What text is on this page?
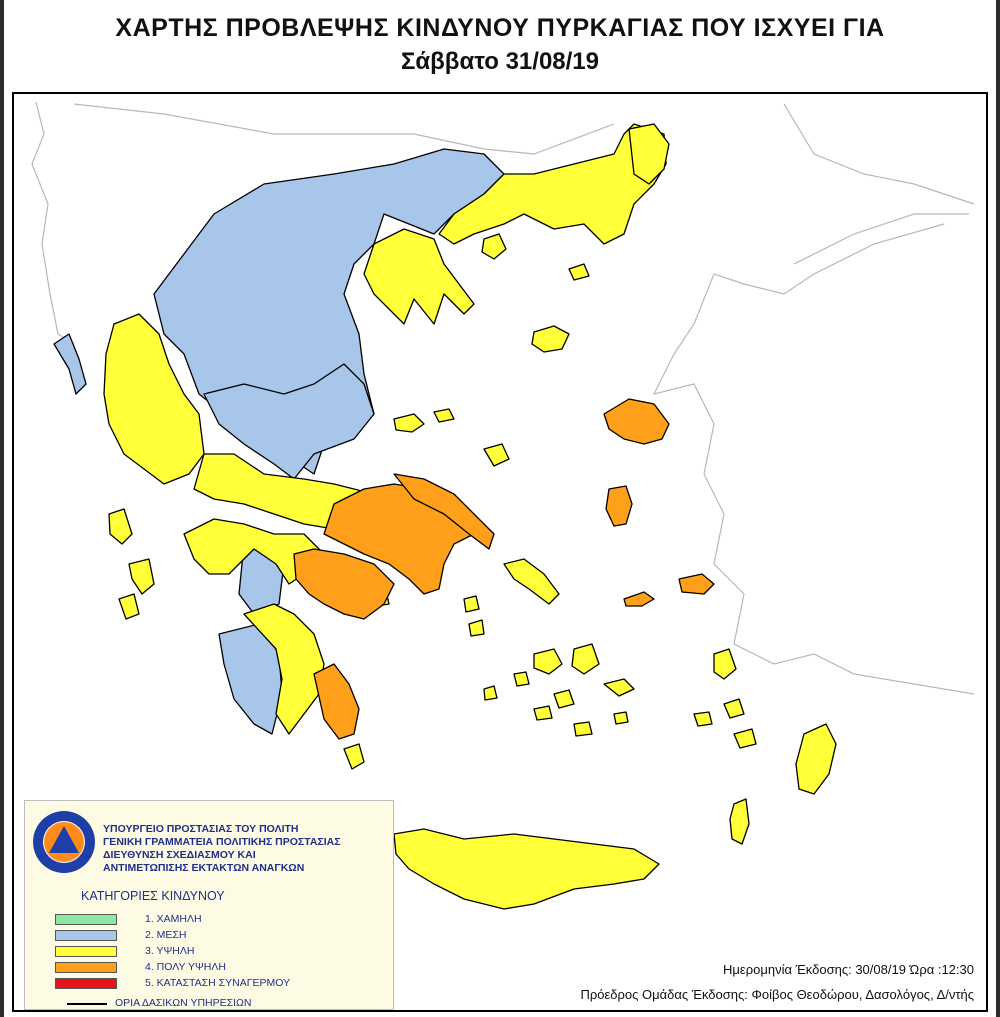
ΧΑΡΤΗΣ ΠΡΟΒΛΕΨΗΣ ΚΙΝΔΥΝΟΥ ΠΥΡΚΑΓΙΑΣ ΠΟΥ ΙΣΧΥΕΙ ΓΙΑ
Σάββατο 31/08/19
ΥΠΟΥΡΓΕΙΟ ΠΡΟΣΤΑΣΙΑΣ ΤΟΥ ΠΟΛΙΤΗ
ΓΕΝΙΚΗ ΓΡΑΜΜΑΤΕΙΑ ΠΟΛΙΤΙΚΗΣ ΠΡΟΣΤΑΣΙΑΣ
ΔΙΕΥΘΥΝΣΗ ΣΧΕΔΙΑΣΜΟΥ ΚΑΙ
ΑΝΤΙΜΕΤΩΠΙΣΗΣ ΕΚΤΑΚΤΩΝ ΑΝΑΓΚΩΝ
ΚΑΤΗΓΟΡΙΕΣ ΚΙΝΔΥΝΟΥ
1. ΧΑΜΗΛΗ
2. ΜΕΣΗ
3. ΥΨΗΛΗ
4. ΠΟΛΥ ΥΨΗΛΗ
5. ΚΑΤΑΣΤΑΣΗ ΣΥΝΑΓΕΡΜΟΥ
ΟΡΙΑ ΔΑΣΙΚΩΝ ΥΠΗΡΕΣΙΩΝ
Ημερομηνία Έκδοσης: 30/08/19 Ώρα :12:30
Πρόεδρος Ομάδας Έκδοσης: Φοίβος Θεοδώρου, Δασολόγος, Δ/ντής
